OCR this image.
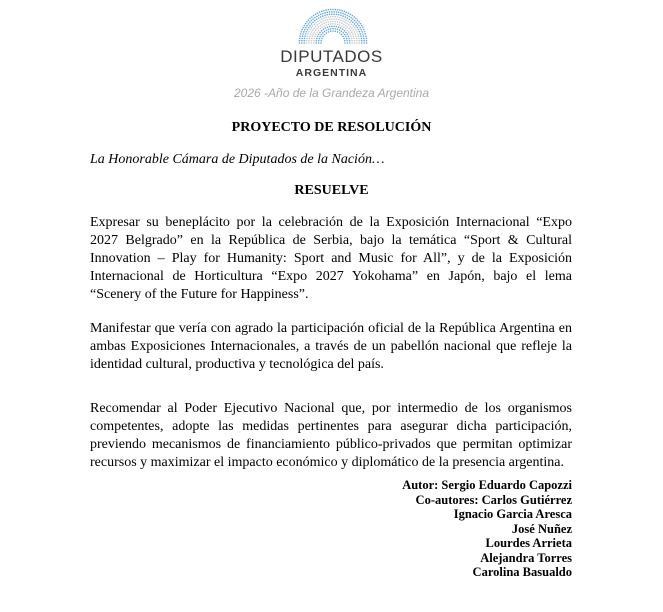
DIPUTADOS
ARGENTINA
2026 -Año de la Grandeza Argentina
PROYECTO DE RESOLUCIÓN
La Honorable Cámara de Diputados de la Nación…
RESUELVE

Expresar su beneplácito por la celebración de la Exposición Internacional “Expo 2027 Belgrado” en la República de Serbia, bajo la temática “Sport & Cultural Innovation – Play for Humanity: Sport and Music for All”, y de la Exposición Internacional de Horticultura “Expo 2027 Yokohama” en Japón, bajo el lema “Scenery of the Future for Happiness”.

Manifestar que vería con agrado la participación oficial de la República Argentina en ambas Exposiciones Internacionales, a través de un pabellón nacional que refleje la identidad cultural, productiva y tecnológica del país.

Recomendar al Poder Ejecutivo Nacional que, por intermedio de los organismos competentes, adopte las medidas pertinentes para asegurar dicha participación, previendo mecanismos de financiamiento público-privados que permitan optimizar recursos y maximizar el impacto económico y diplomático de la presencia argentina.

Autor: Sergio Eduardo Capozzi
Co-autores: Carlos Gutiérrez
Ignacio Garcia Aresca
José Nuñez
Lourdes Arrieta
Alejandra Torres
Carolina Basualdo
